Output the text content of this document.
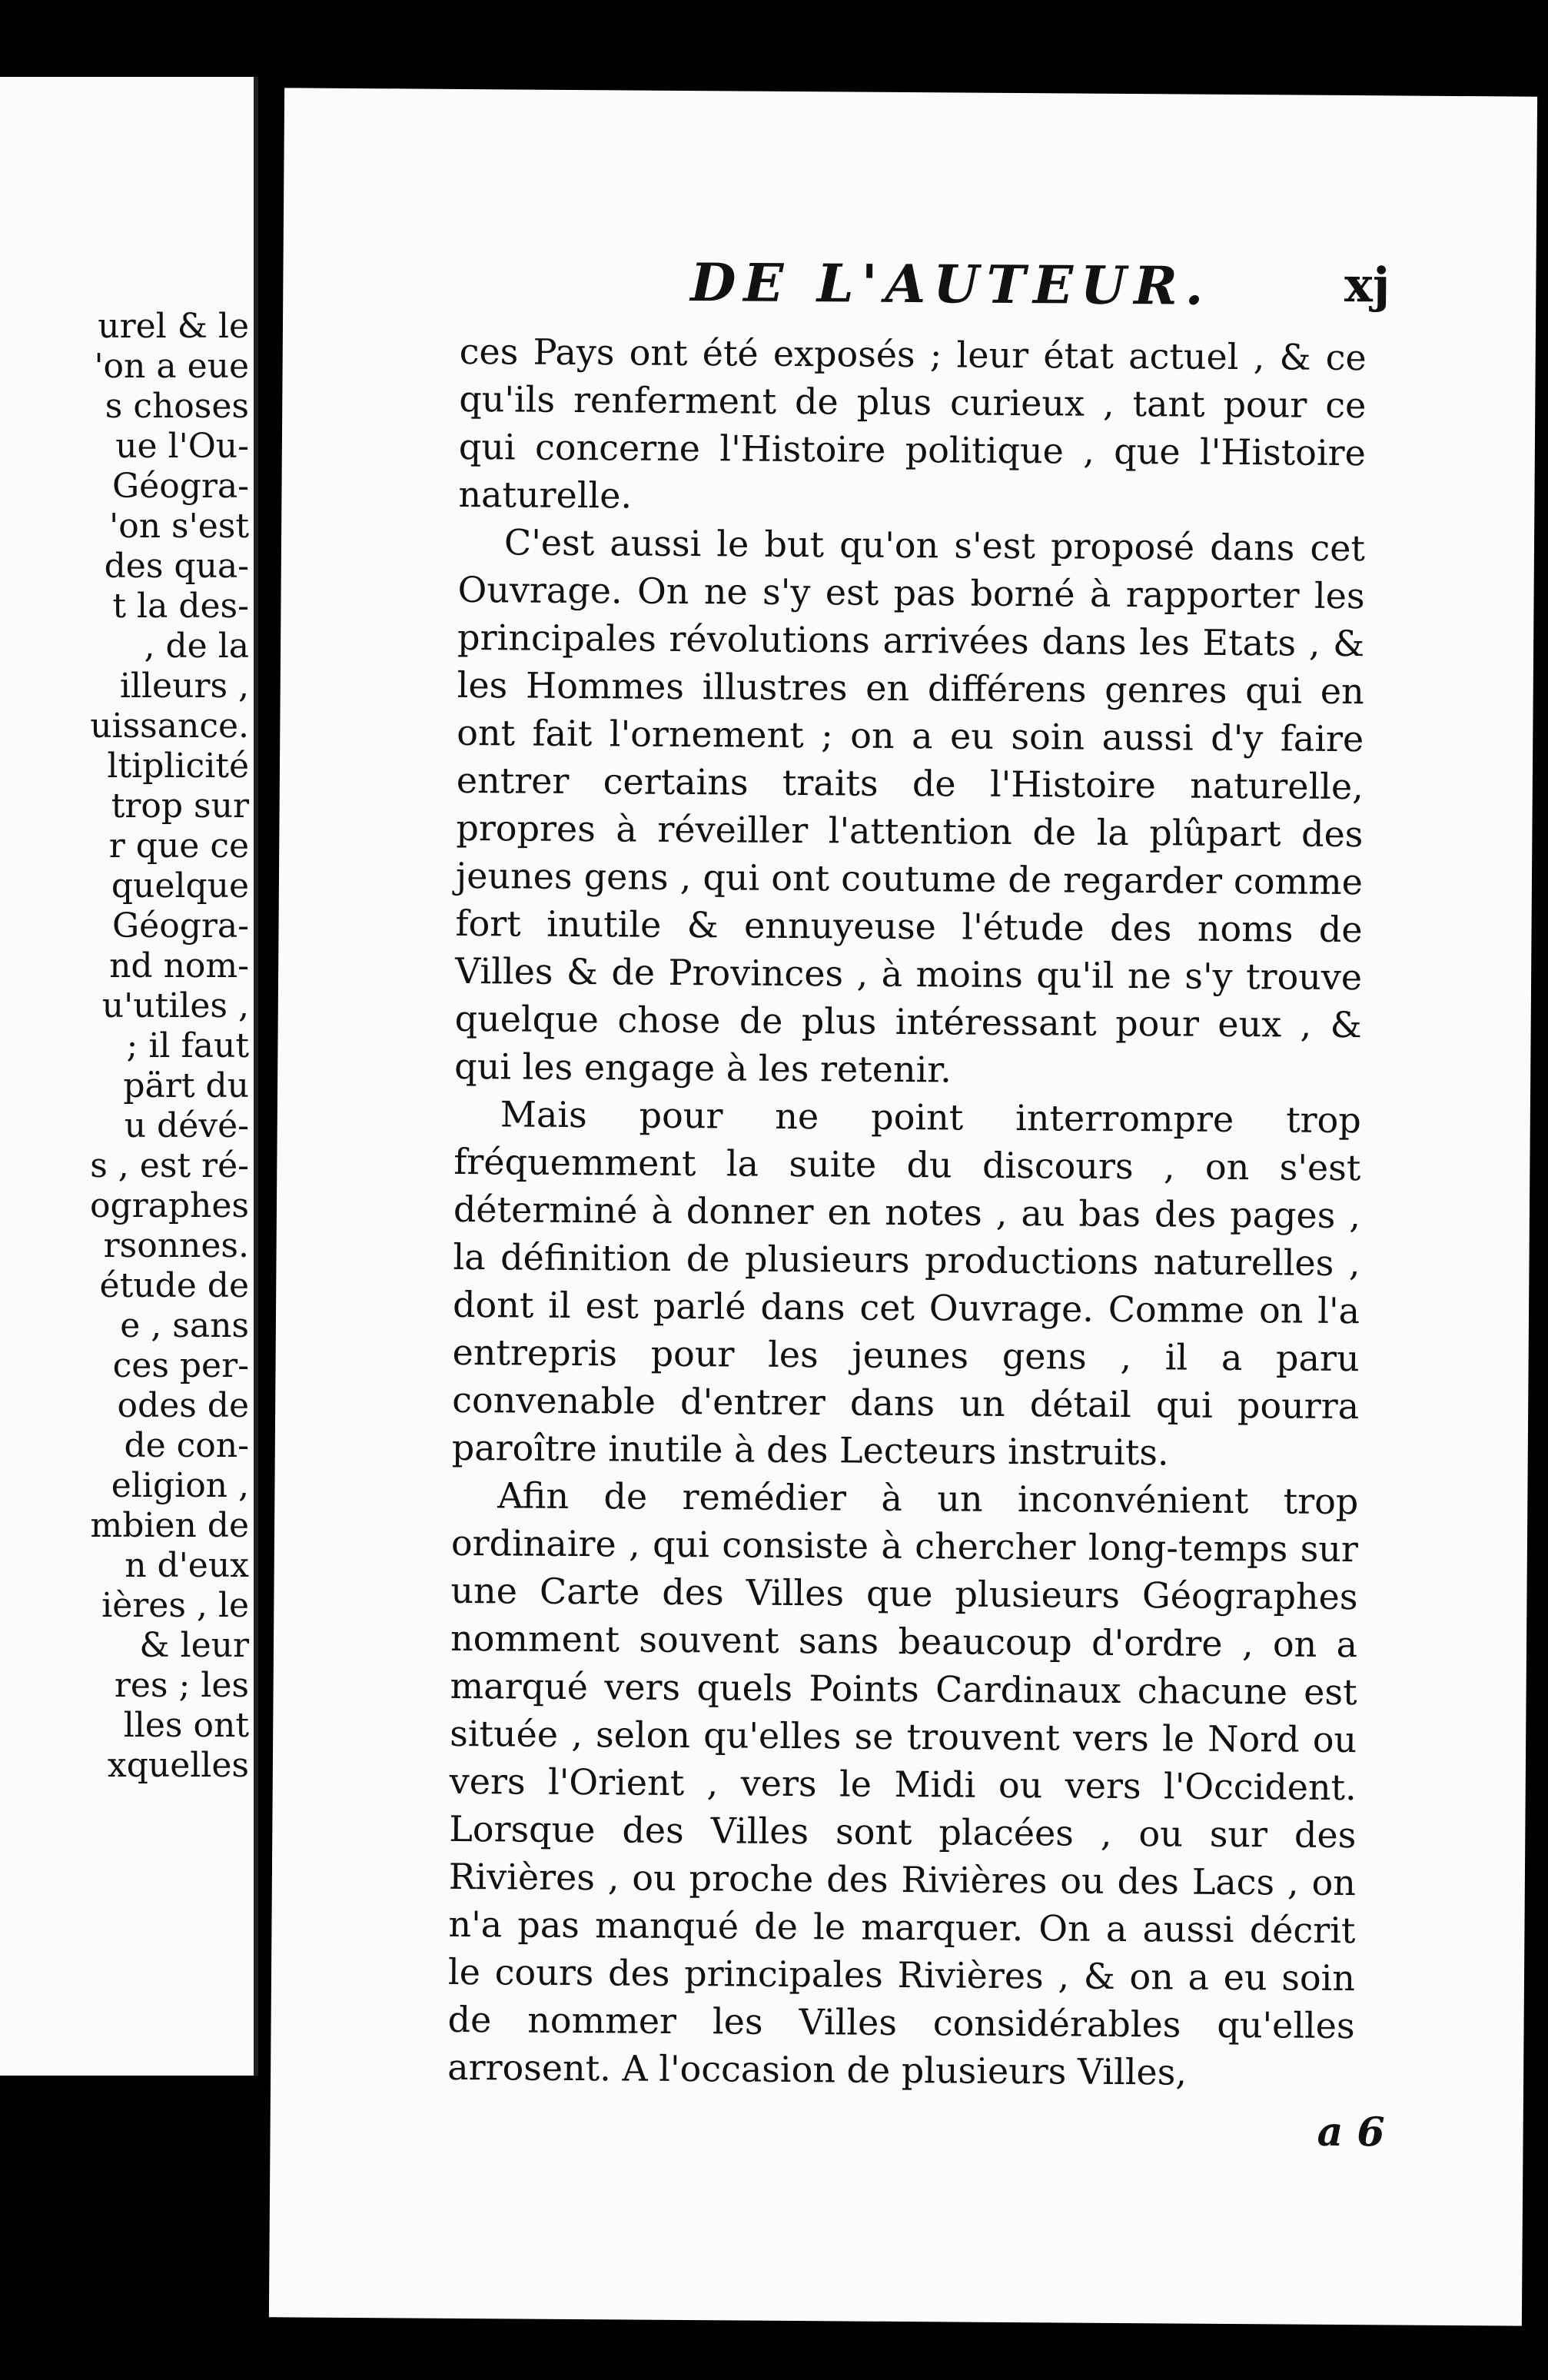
urel & le
'on a eue
s choses
ue l'Ou-
Géogra-
'on s'est
des qua-
t la des-
, de la
illeurs ,
uissance.
ltiplicité
trop sur
r que ce
quelque
Géogra-
nd nom-
u'utiles ,
; il faut
pärt du
u dévé-
s , est ré-
ographes
rsonnes.
étude de
e , sans
ces per-
odes de
de con-
eligion ,
mbien de
n d'eux
ières , le
& leur
res ; les
lles ont
xquelles
DE L'AUTEUR.	xj

ces Pays ont été exposés ; leur état actuel , & ce qu'ils renferment de plus curieux , tant pour ce qui concerne l'Histoire politique , que l'Histoire naturelle.

C'est aussi le but qu'on s'est proposé dans cet Ouvrage. On ne s'y est pas borné à rapporter les principales révolutions arrivées dans les Etats , & les Hommes illustres en différens genres qui en ont fait l'ornement ; on a eu soin aussi d'y faire entrer certains traits de l'Histoire naturelle, propres à réveiller l'attention de la plûpart des jeunes gens , qui ont coutume de regarder comme fort inutile & ennuyeuse l'étude des noms de Villes & de Provinces , à moins qu'il ne s'y trouve quelque chose de plus intéressant pour eux , & qui les engage à les retenir.

Mais pour ne point interrompre trop fréquemment la suite du discours , on s'est déterminé à donner en notes , au bas des pages , la définition de plusieurs productions naturelles , dont il est parlé dans cet Ouvrage. Comme on l'a entrepris pour les jeunes gens , il a paru convenable d'entrer dans un détail qui pourra paroître inutile à des Lecteurs instruits.

Afin de remédier à un inconvénient trop ordinaire , qui consiste à chercher long-temps sur une Carte des Villes que plusieurs Géographes nomment souvent sans beaucoup d'ordre , on a marqué vers quels Points Cardinaux chacune est située , selon qu'elles se trouvent vers le Nord ou vers l'Orient , vers le Midi ou vers l'Occident. Lorsque des Villes sont placées , ou sur des Rivières , ou proche des Rivières ou des Lacs , on n'a pas manqué de le marquer. On a aussi décrit le cours des principales Rivières , & on a eu soin de nommer les Villes considérables qu'elles arrosent. A l'occasion de plusieurs Villes,

a 6
